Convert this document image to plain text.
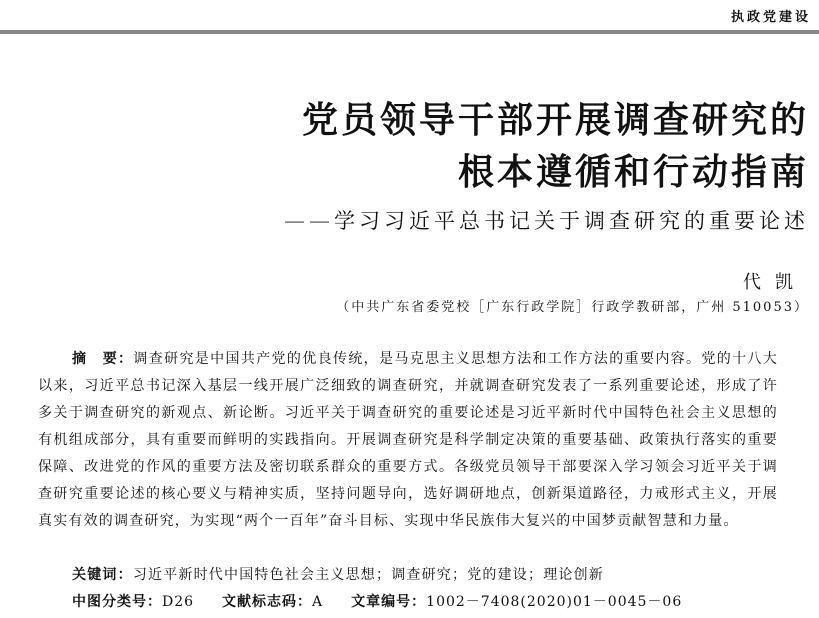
执政党建设

党员领导干部开展调查研究的

根本遵循和行动指南

——学习习近平总书记关于调查研究的重要论述
代凯
（中共广东省委党校［广东行政学院］行政学教研部，广州 510053）
摘　要：调查研究是中国共产党的优良传统，是马克思主义思想方法和工作方法的重要内容。党的十八大以来，习近平总书记深入基层一线开展广泛细致的调查研究，并就调查研究发表了一系列重要论述，形成了许多关于调查研究的新观点、新论断。习近平关于调查研究的重要论述是习近平新时代中国特色社会主义思想的有机组成部分，具有重要而鲜明的实践指向。开展调查研究是科学制定决策的重要基础、政策执行落实的重要保障、改进党的作风的重要方法及密切联系群众的重要方式。各级党员领导干部要深入学习领会习近平关于调查研究重要论述的核心要义与精神实质，坚持问题导向，选好调研地点，创新渠道路径，力戒形式主义，开展真实有效的调查研究，为实现“两个一百年”奋斗目标、实现中华民族伟大复兴的中国梦贡献智慧和力量。
关键词：习近平新时代中国特色社会主义思想；调查研究；党的建设；理论创新
中图分类号：D26 文献标志码：A 文章编号：1002－7408(2020)01－0045－06
